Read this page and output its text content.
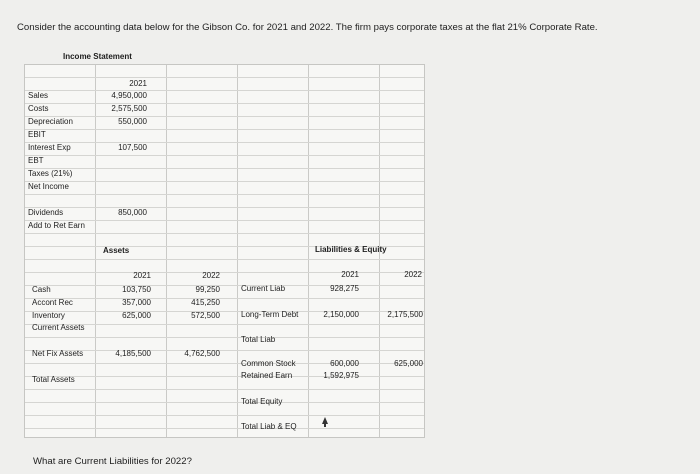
Consider the accounting data below for the Gibson Co. for 2021 and 2022. The firm pays corporate taxes at the flat 21% Corporate Rate.
Income Statement
2021
Sales
Costs
Depreciation
EBIT
Interest Exp
EBT
Taxes (21%)
Net Income
Dividends
Add to Ret Earn
4,950,000
2,575,500
550,000
107,500
850,000
Assets
2021	2022
Cash
Accont Rec
Inventory
Current Assets
Net Fix Assets
Total Assets
103,750
357,000
625,000
4,185,500
99,250
415,250
572,500
4,762,500
Liabilities & Equity
2021	2022
Current Liab
Long-Term Debt
Total Liab
Common Stock
Retained Earn
Total Equity
Total Liab & EQ
928,275
2,150,000
600,000
1,592,975
2,175,500
625,000
What are Current Liabilities for 2022?
